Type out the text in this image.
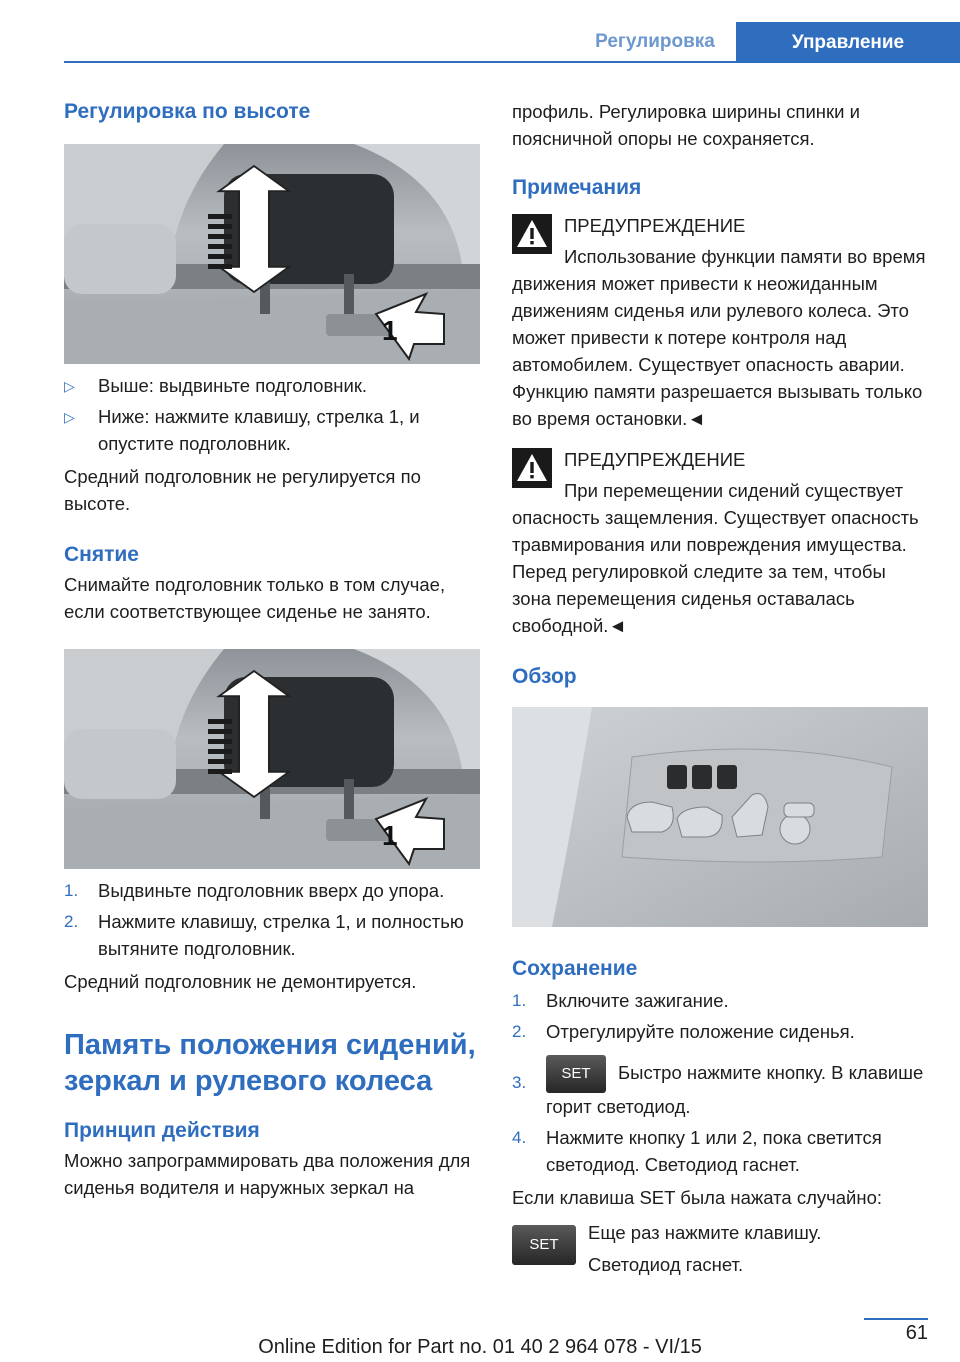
Регулировка	Управление
Регулировка по высоте
1
▷ Выше: выдвиньте подголовник.
▷ Ниже: нажмите клавишу, стрелка 1, и опустите подголовник.

Средний подголовник не регулируется по высоте.

Снятие

Снимайте подголовник только в том случае, если соответствующее сиденье не занято.

1
1. Выдвиньте подголовник вверх до упора.
2. Нажмите клавишу, стрелка 1, и полностью вытяните подголовник.

Средний подголовник не демонтируется.

Память положения сидений, зеркал и рулевого колеса
Принцип действия

Можно запрограммировать два положения для сиденья водителя и наружных зеркал на

профиль. Регулировка ширины спинки и поясничной опоры не сохраняется.

Примечания
ПРЕДУПРЕЖДЕНИЕ
Использование функции памяти во время движения может привести к неожиданным движениям сиденья или рулевого колеса. Это может привести к потере контроля над автомобилем. Существует опасность аварии. Функцию памяти разрешается вызывать только во время остановки.◄
ПРЕДУПРЕЖДЕНИЕ
При перемещении сидений существует опасность защемления. Существует опасность травмирования или повреждения имущества. Перед регулировкой следите за тем, чтобы зона перемещения сиденья оставалась свободной.◄
Обзор
Сохранение
1. Включите зажигание.
2. Отрегулируйте положение сиденья.
3. SET Быстро нажмите кнопку. В клавише горит светодиод.
4. Нажмите кнопку 1 или 2, пока светится светодиод. Светодиод гаснет.

Если клавиша SET была нажата случайно:

SET
Еще раз нажмите клавишу.
Светодиод гаснет.
61
Online Edition for Part no. 01 40 2 964 078 - VI/15
